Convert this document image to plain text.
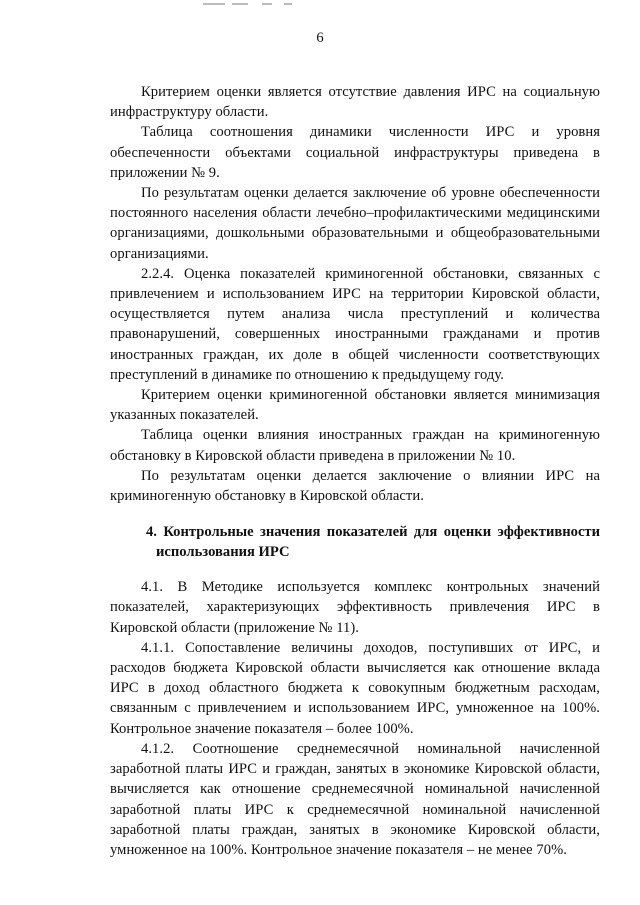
6

Критерием оценки является отсутствие давления ИРС на социальную инфраструктуру области.

Таблица соотношения динамики численности ИРС и уровня обеспеченности объектами социальной инфраструктуры приведена в приложении № 9.

По результатам оценки делается заключение об уровне обеспеченности постоянного населения области лечебно–профилактическими медицинскими организациями, дошкольными образовательными и общеобразовательными организациями.

2.2.4. Оценка показателей криминогенной обстановки, связанных с привлечением и использованием ИРС на территории Кировской области, осуществляется путем анализа числа преступлений и количества правонарушений, совершенных иностранными гражданами и против иностранных граждан, их доле в общей численности соответствующих преступлений в динамике по отношению к предыдущему году.

Критерием оценки криминогенной обстановки является минимизация указанных показателей.

Таблица оценки влияния иностранных граждан на криминогенную обстановку в Кировской области приведена в приложении № 10.

По результатам оценки делается заключение о влиянии ИРС на криминогенную обстановку в Кировской области.

4. Контрольные значения показателей для оценки эффективности
использования ИРС

4.1. В Методике используется комплекс контрольных значений показателей, характеризующих эффективность привлечения ИРС в Кировской области (приложение № 11).

4.1.1. Сопоставление величины доходов, поступивших от ИРС, и расходов бюджета Кировской области вычисляется как отношение вклада ИРС в доход областного бюджета к совокупным бюджетным расходам, связанным с привлечением и использованием ИРС, умноженное на 100%. Контрольное значение показателя – более 100%.

4.1.2. Соотношение среднемесячной номинальной начисленной заработной платы ИРС и граждан, занятых в экономике Кировской области, вычисляется как отношение среднемесячной номинальной начисленной заработной платы ИРС к среднемесячной номинальной начисленной заработной платы граждан, занятых в экономике Кировской области, умноженное на 100%. Контрольное значение показателя – не менее 70%.
